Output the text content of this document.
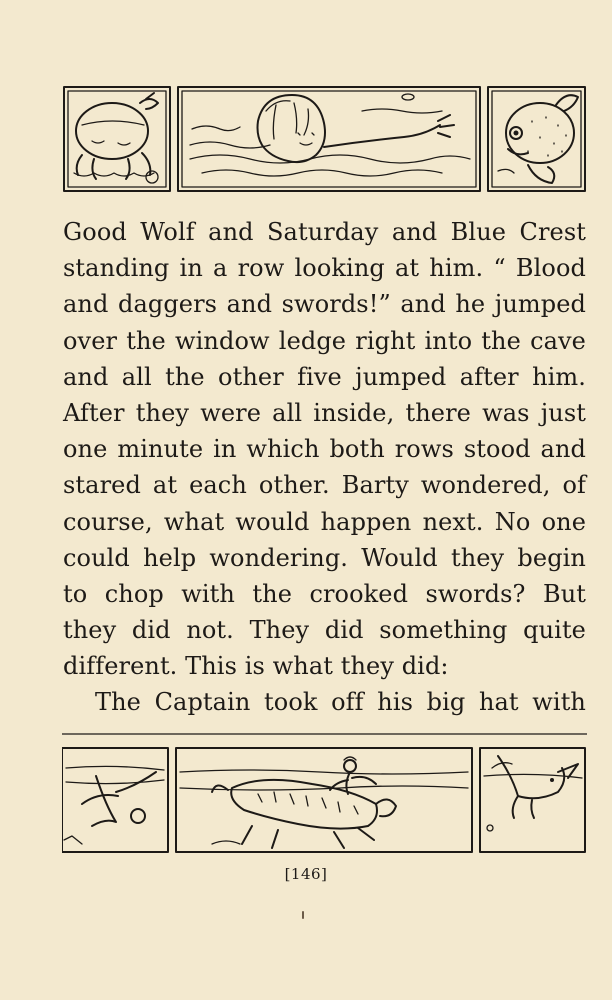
Good Wolf and Saturday and Blue Crest
standing in a row looking at him. “ Blood
and daggers and swords!” and he jumped
over the window ledge right into the cave
and all the other five jumped after him.
After they were all inside, there was just
one minute in which both rows stood and
stared at each other. Barty wondered, of
course, what would happen next. No one
could help wondering. Would they begin
to chop with the crooked swords? But
they did not. They did something quite
different. This is what they did:
The Captain took off his big hat with
[146]
